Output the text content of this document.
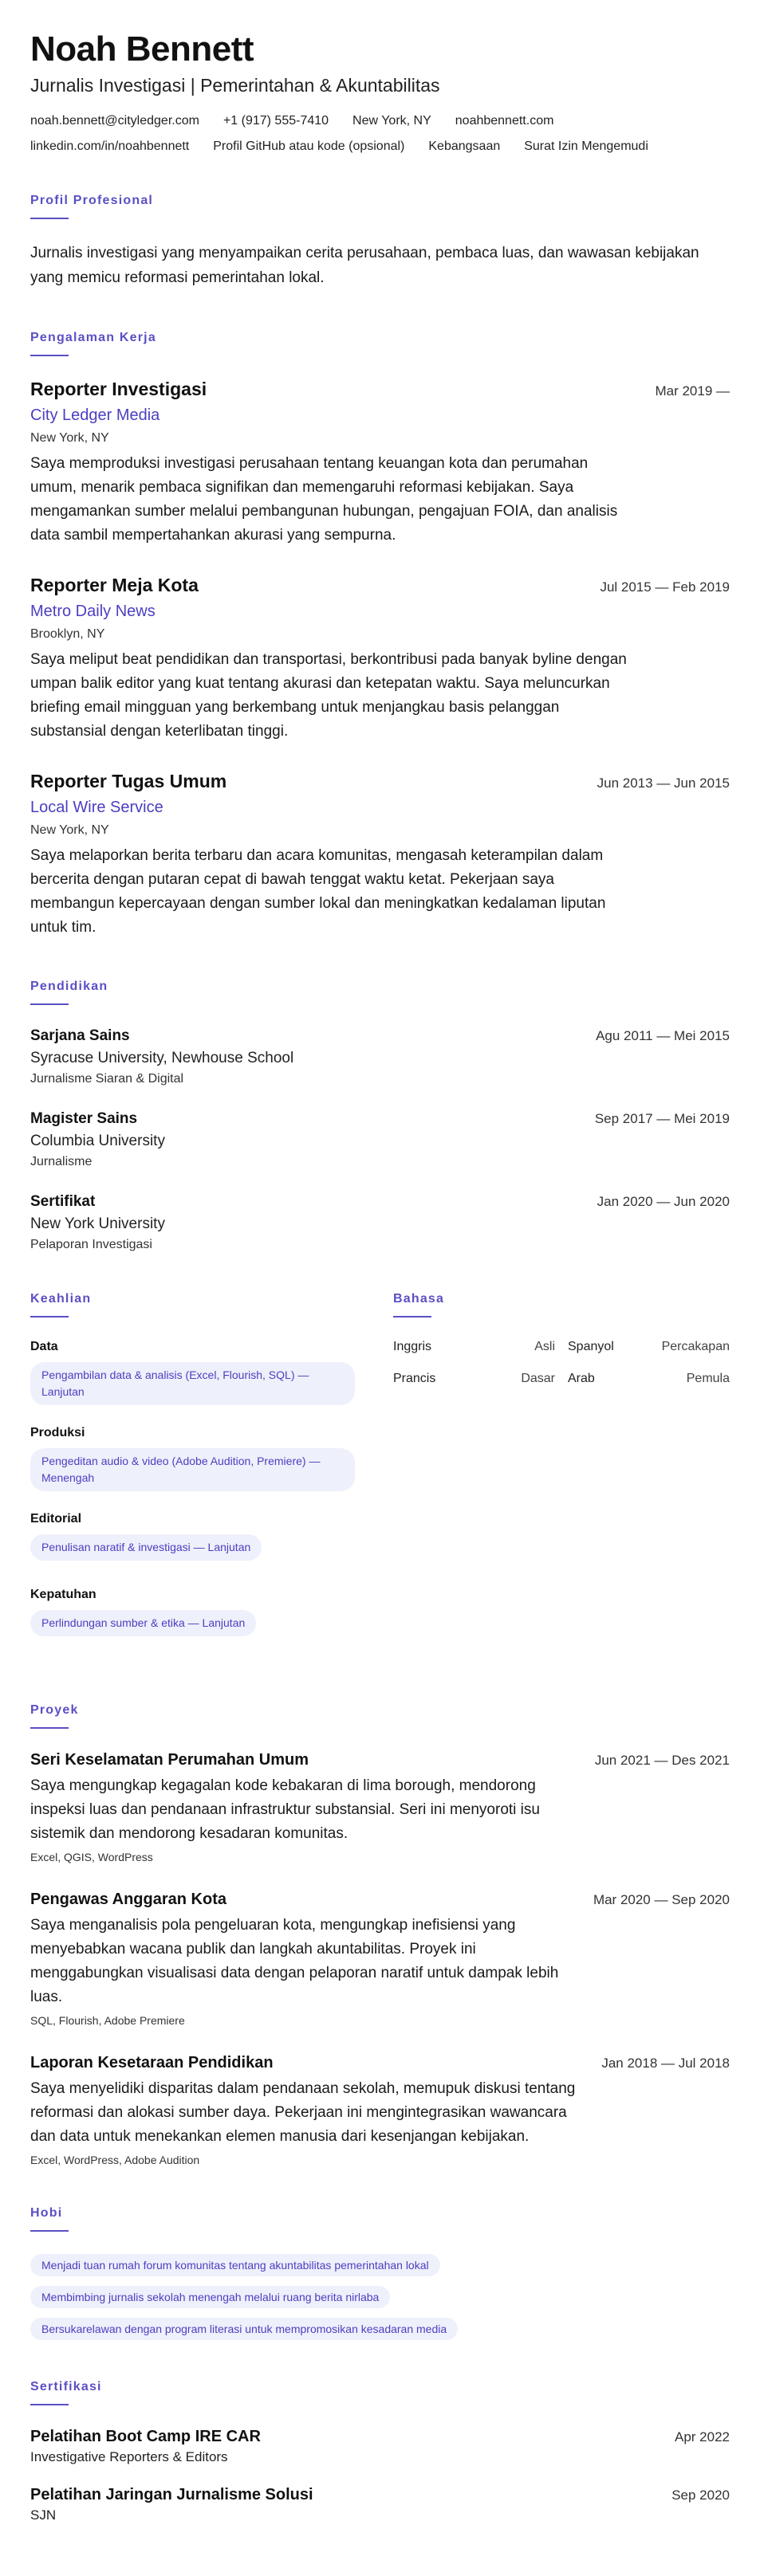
Noah Bennett
Jurnalis Investigasi | Pemerintahan & Akuntabilitas
noah.bennett@cityledger.com +1 (917) 555-7410 New York, NY noahbennett.com
linkedin.com/in/noahbennett Profil GitHub atau kode (opsional) Kebangsaan Surat Izin Mengemudi
Profil Profesional
Jurnalis investigasi yang menyampaikan cerita perusahaan, pembaca luas, dan wawasan kebijakan yang memicu reformasi pemerintahan lokal.
Pengalaman Kerja
Reporter Investigasi	Mar 2019 —
City Ledger Media
New York, NY
Saya memproduksi investigasi perusahaan tentang keuangan kota dan perumahan umum, menarik pembaca signifikan dan memengaruhi reformasi kebijakan. Saya mengamankan sumber melalui pembangunan hubungan, pengajuan FOIA, dan analisis data sambil mempertahankan akurasi yang sempurna.
Reporter Meja Kota	Jul 2015 — Feb 2019
Metro Daily News
Brooklyn, NY
Saya meliput beat pendidikan dan transportasi, berkontribusi pada banyak byline dengan umpan balik editor yang kuat tentang akurasi dan ketepatan waktu. Saya meluncurkan briefing email mingguan yang berkembang untuk menjangkau basis pelanggan substansial dengan keterlibatan tinggi.
Reporter Tugas Umum	Jun 2013 — Jun 2015
Local Wire Service
New York, NY
Saya melaporkan berita terbaru dan acara komunitas, mengasah keterampilan dalam bercerita dengan putaran cepat di bawah tenggat waktu ketat. Pekerjaan saya membangun kepercayaan dengan sumber lokal dan meningkatkan kedalaman liputan untuk tim.
Pendidikan
Sarjana Sains	Agu 2011 — Mei 2015
Syracuse University, Newhouse School
Jurnalisme Siaran & Digital
Magister Sains	Sep 2017 — Mei 2019
Columbia University
Jurnalisme
Sertifikat	Jan 2020 — Jun 2020
New York University
Pelaporan Investigasi
Keahlian
Data
Pengambilan data & analisis (Excel, Flourish, SQL) — Lanjutan
Produksi
Pengeditan audio & video (Adobe Audition, Premiere) — Menengah
Editorial
Penulisan naratif & investigasi — Lanjutan
Kepatuhan
Perlindungan sumber & etika — Lanjutan
Bahasa
Inggris	Asli Spanyol	Percakapan
Prancis	Dasar Arab	Pemula
Proyek
Seri Keselamatan Perumahan Umum	Jun 2021 — Des 2021
Saya mengungkap kegagalan kode kebakaran di lima borough, mendorong inspeksi luas dan pendanaan infrastruktur substansial. Seri ini menyoroti isu sistemik dan mendorong kesadaran komunitas.
Excel, QGIS, WordPress
Pengawas Anggaran Kota	Mar 2020 — Sep 2020
Saya menganalisis pola pengeluaran kota, mengungkap inefisiensi yang menyebabkan wacana publik dan langkah akuntabilitas. Proyek ini menggabungkan visualisasi data dengan pelaporan naratif untuk dampak lebih luas.
SQL, Flourish, Adobe Premiere
Laporan Kesetaraan Pendidikan	Jan 2018 — Jul 2018
Saya menyelidiki disparitas dalam pendanaan sekolah, memupuk diskusi tentang reformasi dan alokasi sumber daya. Pekerjaan ini mengintegrasikan wawancara dan data untuk menekankan elemen manusia dari kesenjangan kebijakan.
Excel, WordPress, Adobe Audition
Hobi
Menjadi tuan rumah forum komunitas tentang akuntabilitas pemerintahan lokal
Membimbing jurnalis sekolah menengah melalui ruang berita nirlaba
Bersukarelawan dengan program literasi untuk mempromosikan kesadaran media
Sertifikasi
Pelatihan Boot Camp IRE CAR	Apr 2022
Investigative Reporters & Editors
Pelatihan Jaringan Jurnalisme Solusi	Sep 2020
SJN
